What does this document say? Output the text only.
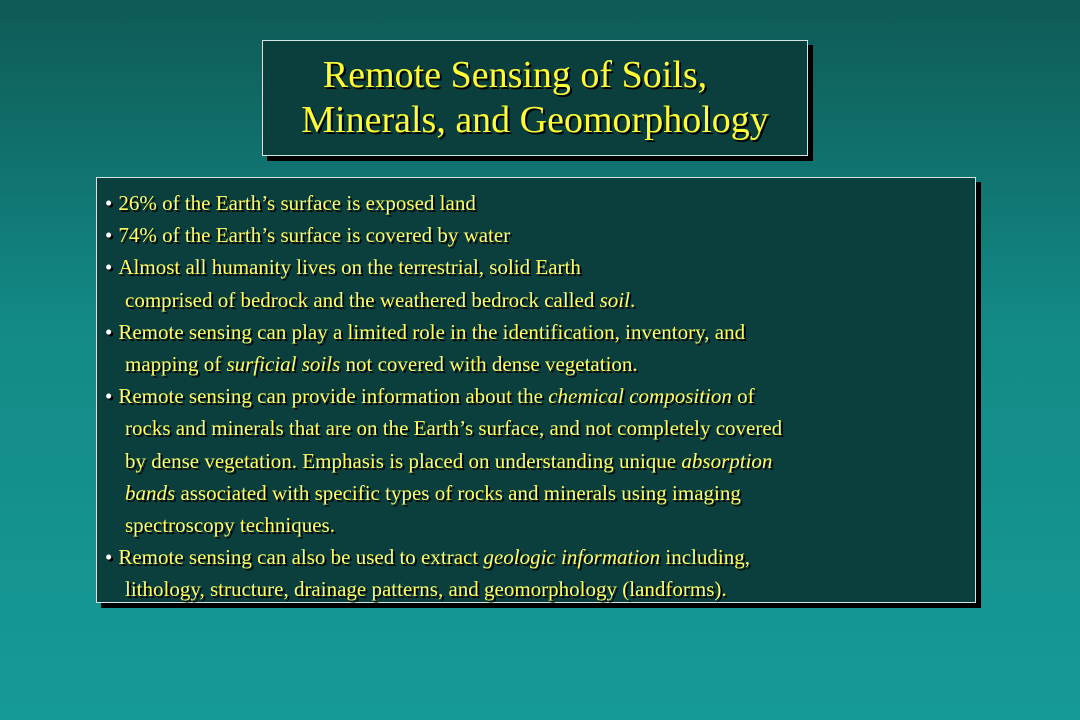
Remote Sensing of Soils,
Minerals, and Geomorphology
• 26% of the Earth’s surface is exposed land
• 74% of the Earth’s surface is covered by water
• Almost all humanity lives on the terrestrial, solid Earth
comprised of bedrock and the weathered bedrock called soil.
• Remote sensing can play a limited role in the identification, inventory, and
mapping of surficial soils not covered with dense vegetation.
• Remote sensing can provide information about the chemical composition of
rocks and minerals that are on the Earth’s surface, and not completely covered
by dense vegetation. Emphasis is placed on understanding unique absorption
bands associated with specific types of rocks and minerals using imaging
spectroscopy techniques.
• Remote sensing can also be used to extract geologic information including,
lithology, structure, drainage patterns, and geomorphology (landforms).
